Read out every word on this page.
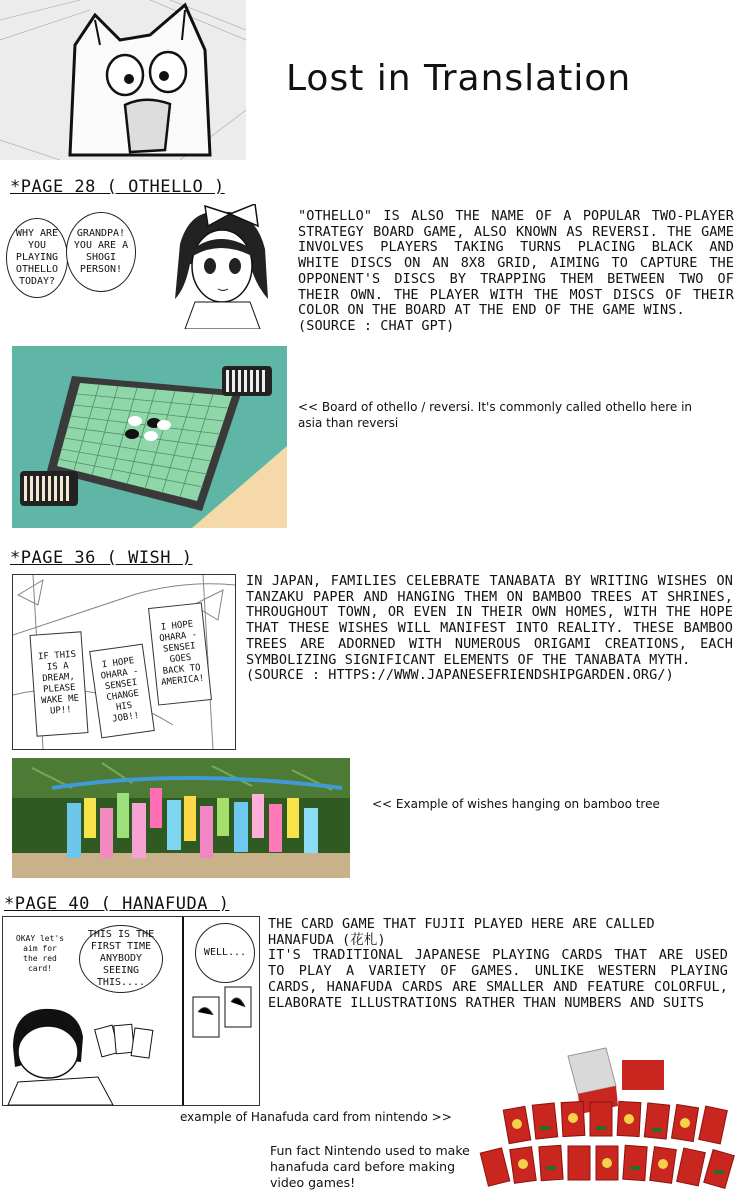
Lost in Translation
*PAGE 28 ( OTHELLO )
WHY ARE YOU PLAYING OTHELLO TODAY?
GRANDPA! YOU ARE A SHOGI PERSON!

"OTHELLO" IS ALSO THE NAME OF A POPULAR TWO-PLAYER STRATEGY BOARD GAME, ALSO KNOWN AS REVERSI. THE GAME INVOLVES PLAYERS TAKING TURNS PLACING BLACK AND WHITE DISCS ON AN 8X8 GRID, AIMING TO CAPTURE THE OPPONENT'S DISCS BY TRAPPING THEM BETWEEN TWO OF THEIR OWN. THE PLAYER WITH THE MOST DISCS OF THEIR COLOR ON THE BOARD AT THE END OF THE GAME WINS.

(SOURCE : CHAT GPT)

<< Board of othello / reversi. It's commonly called othello here in asia than reversi
*PAGE 36 ( WISH )
IF THIS IS A DREAM, PLEASE WAKE ME UP!!
I HOPE OHARA -SENSEI CHANGE HIS JOB!!
I HOPE OHARA -SENSEI GOES BACK TO AMERICA!

IN JAPAN, FAMILIES CELEBRATE TANABATA BY WRITING WISHES ON TANZAKU PAPER AND HANGING THEM ON BAMBOO TREES AT SHRINES, THROUGHOUT TOWN, OR EVEN IN THEIR OWN HOMES, WITH THE HOPE THAT THESE WISHES WILL MANIFEST INTO REALITY. THESE BAMBOO TREES ARE ADORNED WITH NUMEROUS ORIGAMI CREATIONS, EACH SYMBOLIZING SIGNIFICANT ELEMENTS OF THE TANABATA MYTH.

(SOURCE : HTTPS://WWW.JAPANESEFRIENDSHIPGARDEN.ORG/)

<< Example of wishes hanging on bamboo tree
*PAGE 40 ( HANAFUDA )
OKAY let's aim for the red card!
THIS IS THE FIRST TIME ANYBODY SEEING THIS....
WELL...

THE CARD GAME THAT FUJII PLAYED HERE ARE CALLED HANAFUDA (花札)

IT'S TRADITIONAL JAPANESE PLAYING CARDS THAT ARE USED TO PLAY A VARIETY OF GAMES. UNLIKE WESTERN PLAYING CARDS, HANAFUDA CARDS ARE SMALLER AND FEATURE COLORFUL, ELABORATE ILLUSTRATIONS RATHER THAN NUMBERS AND SUITS

example of Hanafuda card from nintendo >>
Fun fact Nintendo used to make hanafuda card before making video games!
